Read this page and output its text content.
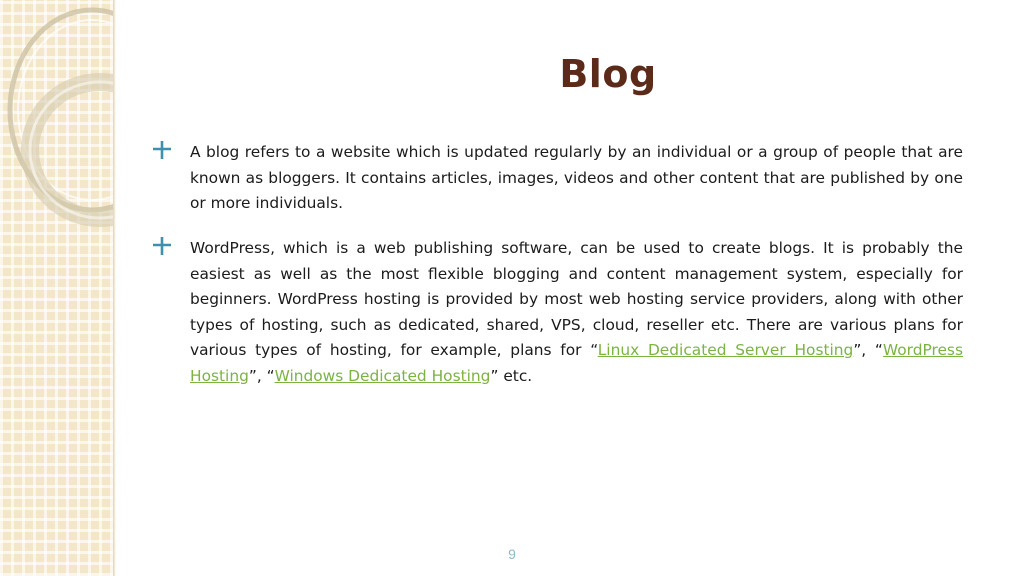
Blog

A blog refers to a website which is updated regularly by an individual or a group of people that are known as bloggers. It contains articles, images, videos and other content that are published by one or more individuals.

WordPress, which is a web publishing software, can be used to create blogs. It is probably the easiest as well as the most flexible blogging and content management system, especially for beginners. WordPress hosting is provided by most web hosting service providers, along with other types of hosting, such as dedicated, shared, VPS, cloud, reseller etc. There are various plans for various types of hosting, for example, plans for “Linux Dedicated Server Hosting”, “WordPress Hosting”, “Windows Dedicated Hosting” etc.

9
